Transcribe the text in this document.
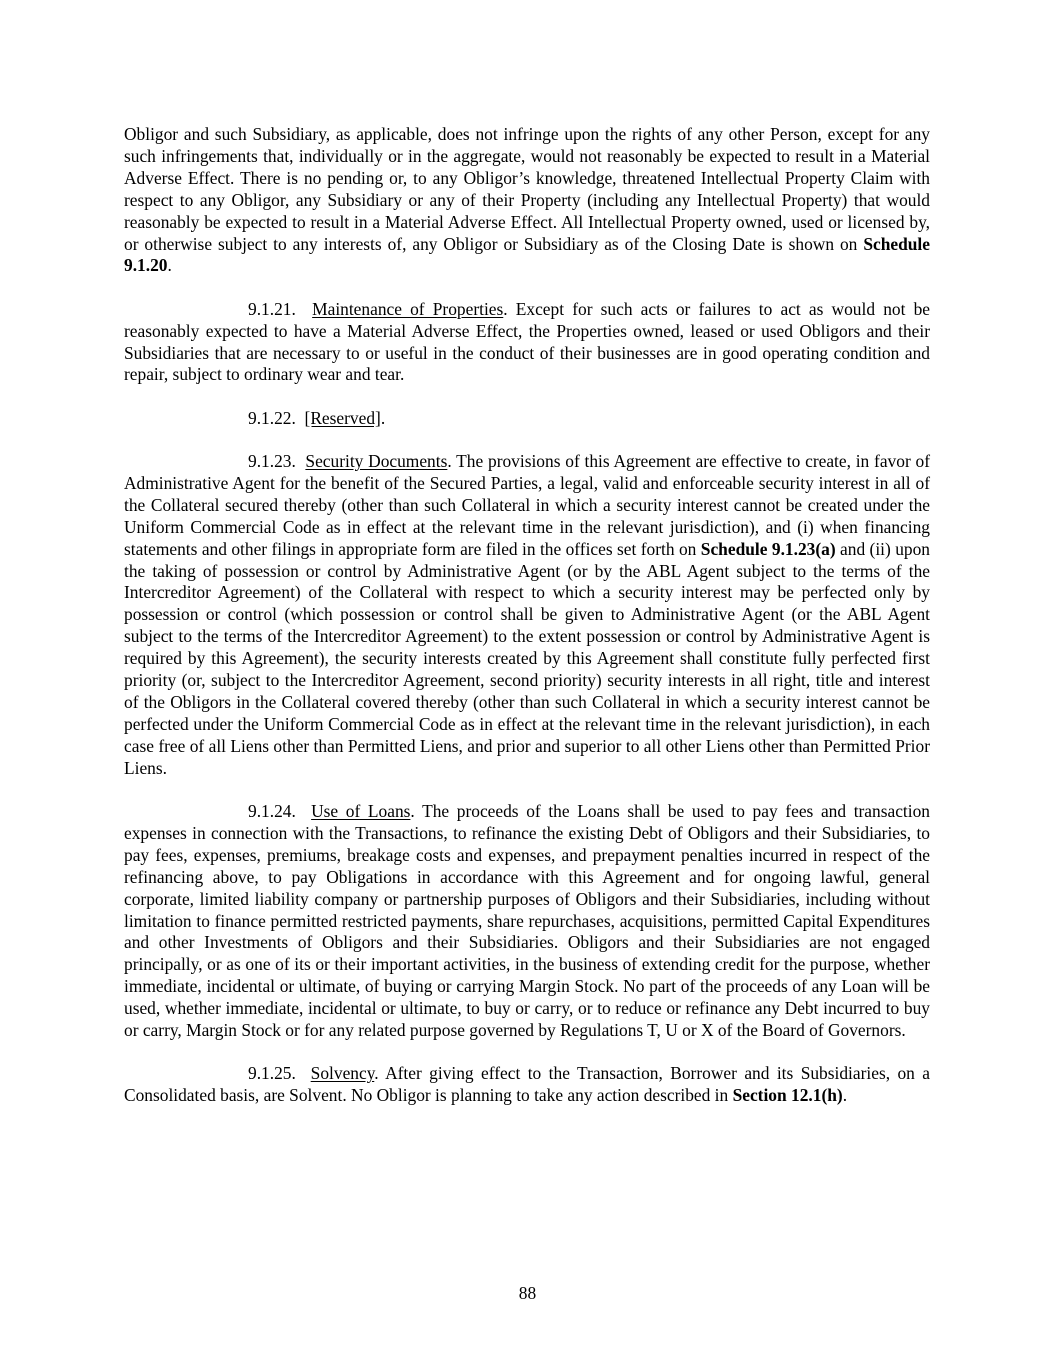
Obligor and such Subsidiary, as applicable, does not infringe upon the rights of any other Person, except for any such infringements that, individually or in the aggregate, would not reasonably be expected to result in a Material Adverse Effect. There is no pending or, to any Obligor’s knowledge, threatened Intellectual Property Claim with respect to any Obligor, any Subsidiary or any of their Property (including any Intellectual Property) that would reasonably be expected to result in a Material Adverse Effect. All Intellectual Property owned, used or licensed by, or otherwise subject to any interests of, any Obligor or Subsidiary as of the Closing Date is shown on Schedule 9.1.20.

9.1.21. Maintenance of Properties. Except for such acts or failures to act as would not be reasonably expected to have a Material Adverse Effect, the Properties owned, leased or used Obligors and their Subsidiaries that are necessary to or useful in the conduct of their businesses are in good operating condition and repair, subject to ordinary wear and tear.

9.1.22. [Reserved].

9.1.23. Security Documents. The provisions of this Agreement are effective to create, in favor of Administrative Agent for the benefit of the Secured Parties, a legal, valid and enforceable security interest in all of the Collateral secured thereby (other than such Collateral in which a security interest cannot be created under the Uniform Commercial Code as in effect at the relevant time in the relevant jurisdiction), and (i) when financing statements and other filings in appropriate form are filed in the offices set forth on Schedule 9.1.23(a) and (ii) upon the taking of possession or control by Administrative Agent (or by the ABL Agent subject to the terms of the Intercreditor Agreement) of the Collateral with respect to which a security interest may be perfected only by possession or control (which possession or control shall be given to Administrative Agent (or the ABL Agent subject to the terms of the Intercreditor Agreement) to the extent possession or control by Administrative Agent is required by this Agreement), the security interests created by this Agreement shall constitute fully perfected first priority (or, subject to the Intercreditor Agreement, second priority) security interests in all right, title and interest of the Obligors in the Collateral covered thereby (other than such Collateral in which a security interest cannot be perfected under the Uniform Commercial Code as in effect at the relevant time in the relevant jurisdiction), in each case free of all Liens other than Permitted Liens, and prior and superior to all other Liens other than Permitted Prior Liens.

9.1.24. Use of Loans. The proceeds of the Loans shall be used to pay fees and transaction expenses in connection with the Transactions, to refinance the existing Debt of Obligors and their Subsidiaries, to pay fees, expenses, premiums, breakage costs and expenses, and prepayment penalties incurred in respect of the refinancing above, to pay Obligations in accordance with this Agreement and for ongoing lawful, general corporate, limited liability company or partnership purposes of Obligors and their Subsidiaries, including without limitation to finance permitted restricted payments, share repurchases, acquisitions, permitted Capital Expenditures and other Investments of Obligors and their Subsidiaries. Obligors and their Subsidiaries are not engaged principally, or as one of its or their important activities, in the business of extending credit for the purpose, whether immediate, incidental or ultimate, of buying or carrying Margin Stock. No part of the proceeds of any Loan will be used, whether immediate, incidental or ultimate, to buy or carry, or to reduce or refinance any Debt incurred to buy or carry, Margin Stock or for any related purpose governed by Regulations T, U or X of the Board of Governors.

9.1.25. Solvency. After giving effect to the Transaction, Borrower and its Subsidiaries, on a Consolidated basis, are Solvent. No Obligor is planning to take any action described in Section 12.1(h).

88
